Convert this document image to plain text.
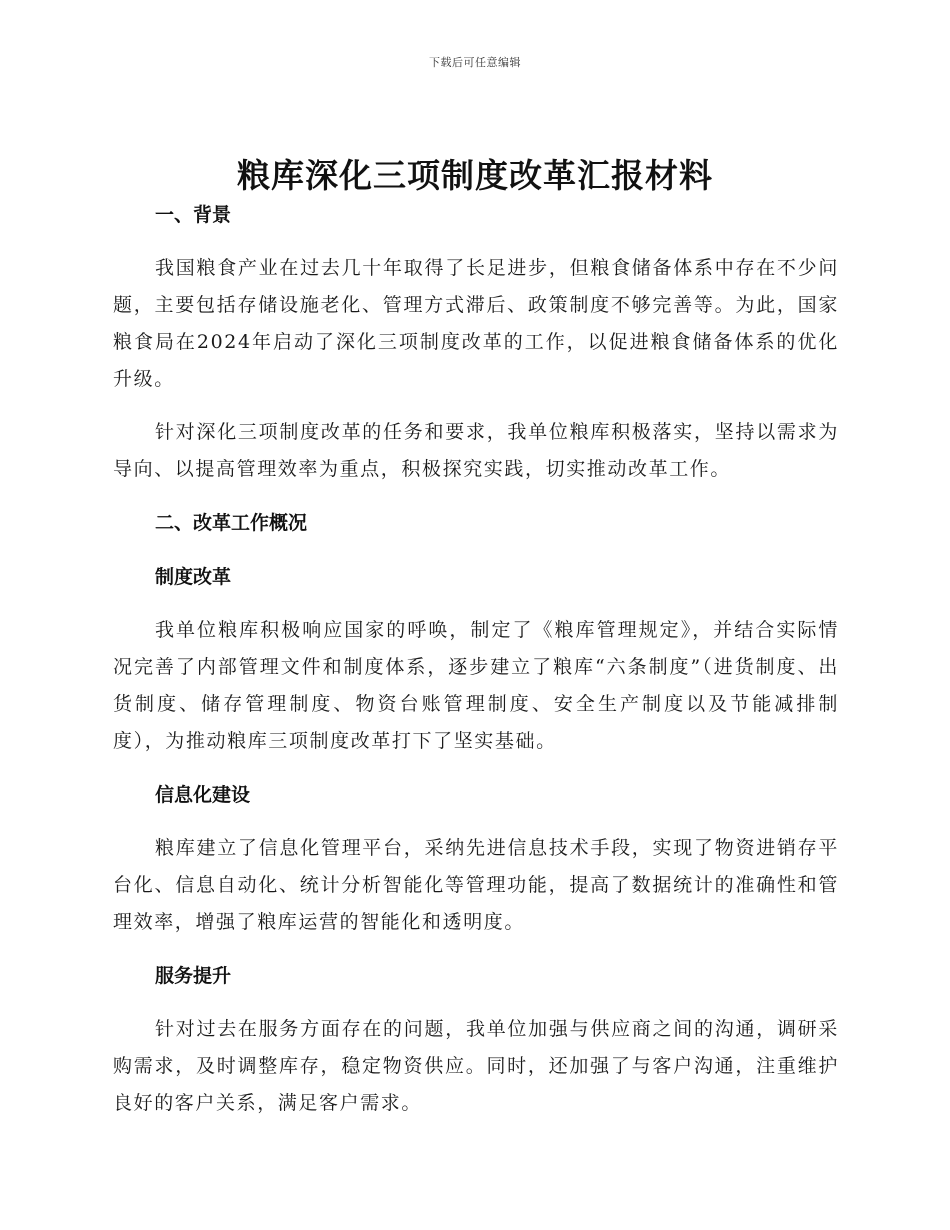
下载后可任意编辑
粮库深化三项制度改革汇报材料

一、背景

我国粮食产业在过去几十年取得了长足进步，但粮食储备体系中存在不少问题，主要包括存储设施老化、管理方式滞后、政策制度不够完善等。为此，国家粮食局在2024年启动了深化三项制度改革的工作，以促进粮食储备体系的优化升级。

针对深化三项制度改革的任务和要求，我单位粮库积极落实，坚持以需求为导向、以提高管理效率为重点，积极探究实践，切实推动改革工作。

二、改革工作概况

制度改革

我单位粮库积极响应国家的呼唤，制定了《粮库管理规定》，并结合实际情况完善了内部管理文件和制度体系，逐步建立了粮库“六条制度”（进货制度、出货制度、储存管理制度、物资台账管理制度、安全生产制度以及节能减排制度），为推动粮库三项制度改革打下了坚实基础。

信息化建设

粮库建立了信息化管理平台，采纳先进信息技术手段，实现了物资进销存平台化、信息自动化、统计分析智能化等管理功能，提高了数据统计的准确性和管理效率，增强了粮库运营的智能化和透明度。

服务提升

针对过去在服务方面存在的问题，我单位加强与供应商之间的沟通，调研采购需求，及时调整库存，稳定物资供应。同时，还加强了与客户沟通，注重维护良好的客户关系，满足客户需求。
